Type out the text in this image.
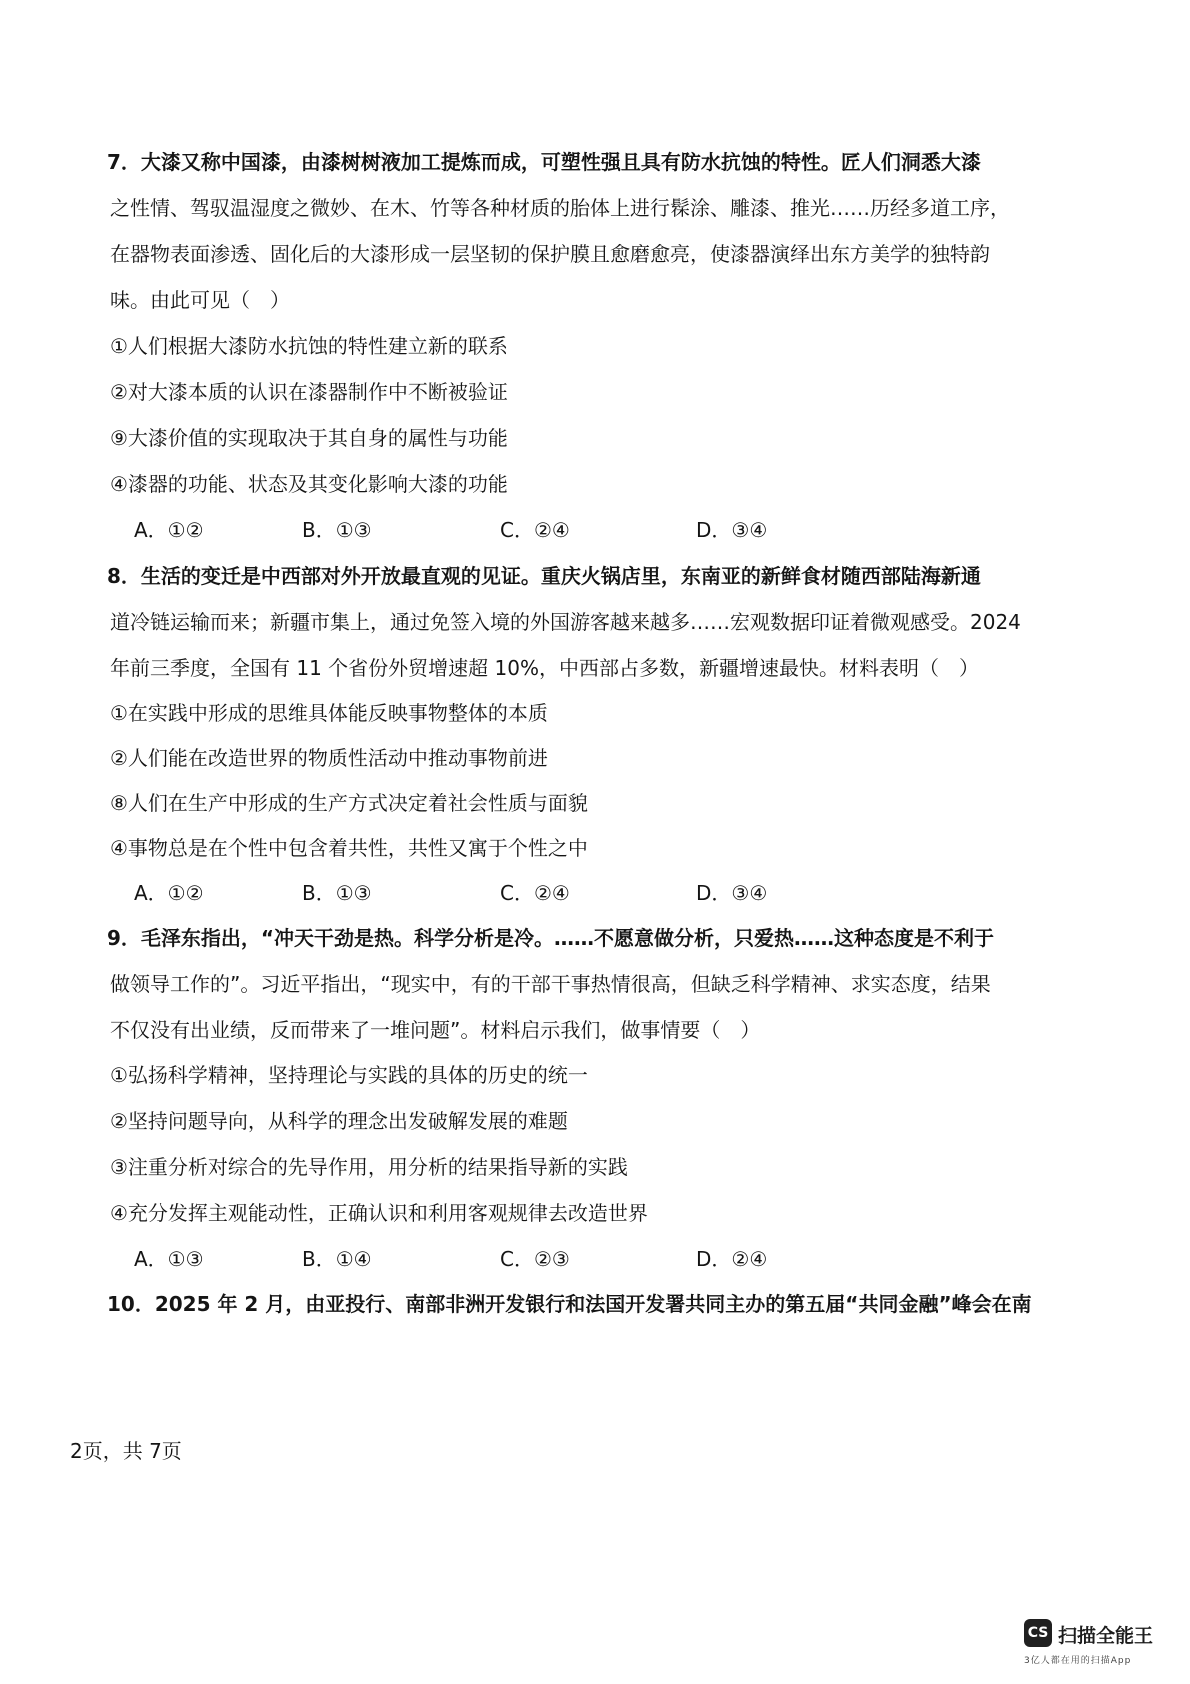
7．大漆又称中国漆，由漆树树液加工提炼而成，可塑性强且具有防水抗蚀的特性。匠人们洞悉大漆
之性情、驾驭温湿度之微妙、在木、竹等各种材质的胎体上进行髹涂、雕漆、推光……历经多道工序，
在器物表面渗透、固化后的大漆形成一层坚韧的保护膜且愈磨愈亮，使漆器演绎出东方美学的独特韵
味。由此可见（　）
①人们根据大漆防水抗蚀的特性建立新的联系
②对大漆本质的认识在漆器制作中不断被验证
⑨大漆价值的实现取决于其自身的属性与功能
④漆器的功能、状态及其变化影响大漆的功能
A．①②	B．①③	C．②④	D．③④
8．生活的变迁是中西部对外开放最直观的见证。重庆火锅店里，东南亚的新鲜食材随西部陆海新通
道冷链运输而来；新疆市集上，通过免签入境的外国游客越来越多……宏观数据印证着微观感受。2024
年前三季度，全国有 11 个省份外贸增速超 10%，中西部占多数，新疆增速最快。材料表明（　）
①在实践中形成的思维具体能反映事物整体的本质
②人们能在改造世界的物质性活动中推动事物前进
⑧人们在生产中形成的生产方式决定着社会性质与面貌
④事物总是在个性中包含着共性，共性又寓于个性之中
A．①②	B．①③	C．②④	D．③④
9．毛泽东指出，“冲天干劲是热。科学分析是冷。……不愿意做分析，只爱热……这种态度是不利于
做领导工作的”。习近平指出，“现实中，有的干部干事热情很高，但缺乏科学精神、求实态度，结果
不仅没有出业绩，反而带来了一堆问题”。材料启示我们，做事情要（　）
①弘扬科学精神，坚持理论与实践的具体的历史的统一
②坚持问题导向，从科学的理念出发破解发展的难题
③注重分析对综合的先导作用，用分析的结果指导新的实践
④充分发挥主观能动性，正确认识和利用客观规律去改造世界
A．①③	B．①④	C．②③	D．②④
10．2025 年 2 月，由亚投行、南部非洲开发银行和法国开发署共同主办的第五届“共同金融”峰会在南
2页，共 7页
CS 扫描全能王
3亿人都在用的扫描App
